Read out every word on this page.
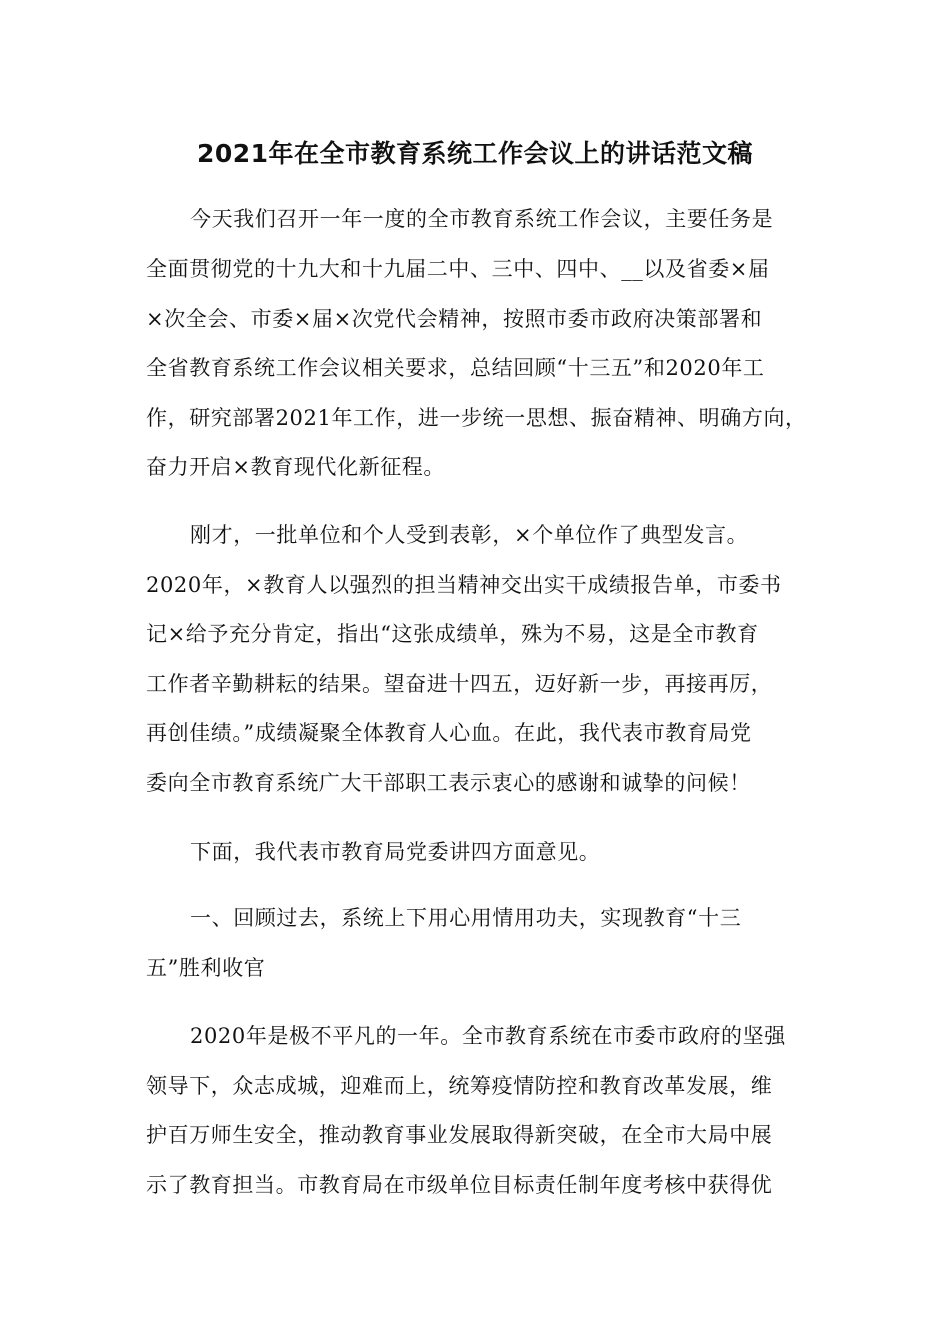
2021年在全市教育系统工作会议上的讲话范文稿
今天我们召开一年一度的全市教育系统工作会议，主要任务是
全面贯彻党的十九大和十九届二中、三中、四中、__以及省委×届
×次全会、市委×届×次党代会精神，按照市委市政府决策部署和
全省教育系统工作会议相关要求，总结回顾“十三五”和2020年工
作，研究部署2021年工作，进一步统一思想、振奋精神、明确方向，
奋力开启×教育现代化新征程。
刚才，一批单位和个人受到表彰，×个单位作了典型发言。
2020年，×教育人以强烈的担当精神交出实干成绩报告单，市委书
记×给予充分肯定，指出“这张成绩单，殊为不易，这是全市教育
工作者辛勤耕耘的结果。望奋进十四五，迈好新一步，再接再厉，
再创佳绩。”成绩凝聚全体教育人心血。在此，我代表市教育局党
委向全市教育系统广大干部职工表示衷心的感谢和诚挚的问候！
下面，我代表市教育局党委讲四方面意见。
一、回顾过去，系统上下用心用情用功夫，实现教育“十三
五”胜利收官
2020年是极不平凡的一年。全市教育系统在市委市政府的坚强
领导下，众志成城，迎难而上，统筹疫情防控和教育改革发展，维
护百万师生安全，推动教育事业发展取得新突破，在全市大局中展
示了教育担当。市教育局在市级单位目标责任制年度考核中获得优
